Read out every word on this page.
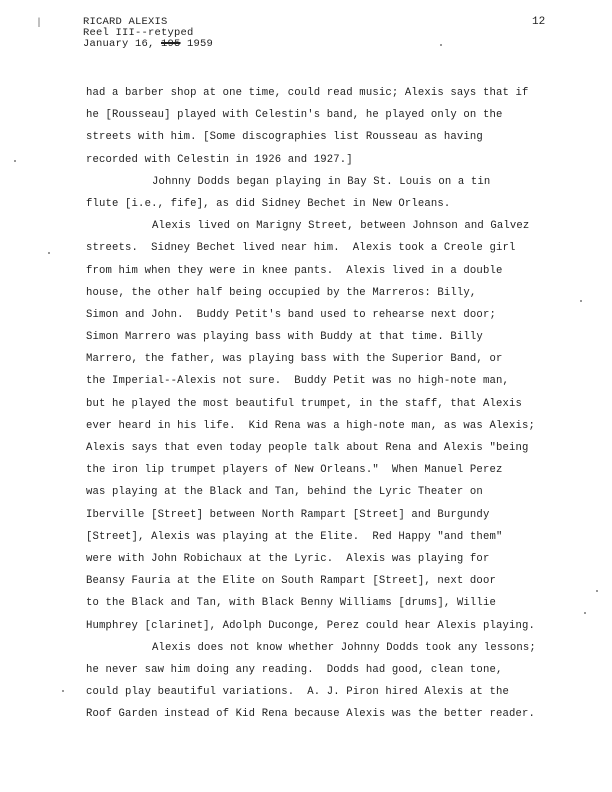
|	RICARD ALEXIS
Reel III--retyped
January 16, 195 1959
12
had a barber shop at one time, could read music; Alexis says that if
he [Rousseau] played with Celestin's band, he played only on the
streets with him. [Some discographies list Rousseau as having
recorded with Celestin in 1926 and 1927.]
Johnny Dodds began playing in Bay St. Louis on a tin
flute [i.e., fife], as did Sidney Bechet in New Orleans.
Alexis lived on Marigny Street, between Johnson and Galvez
streets.  Sidney Bechet lived near him.  Alexis took a Creole girl
from him when they were in knee pants.  Alexis lived in a double
house, the other half being occupied by the Marreros: Billy,
Simon and John.  Buddy Petit's band used to rehearse next door;
Simon Marrero was playing bass with Buddy at that time. Billy
Marrero, the father, was playing bass with the Superior Band, or
the Imperial--Alexis not sure.  Buddy Petit was no high-note man,
but he played the most beautiful trumpet, in the staff, that Alexis
ever heard in his life.  Kid Rena was a high-note man, as was Alexis;
Alexis says that even today people talk about Rena and Alexis "being
the iron lip trumpet players of New Orleans."  When Manuel Perez
was playing at the Black and Tan, behind the Lyric Theater on
Iberville [Street] between North Rampart [Street] and Burgundy
[Street], Alexis was playing at the Elite.  Red Happy "and them"
were with John Robichaux at the Lyric.  Alexis was playing for
Beansy Fauria at the Elite on South Rampart [Street], next door
to the Black and Tan, with Black Benny Williams [drums], Willie
Humphrey [clarinet], Adolph Duconge, Perez could hear Alexis playing.
Alexis does not know whether Johnny Dodds took any lessons;
he never saw him doing any reading.  Dodds had good, clean tone,
could play beautiful variations.  A. J. Piron hired Alexis at the
Roof Garden instead of Kid Rena because Alexis was the better reader.
